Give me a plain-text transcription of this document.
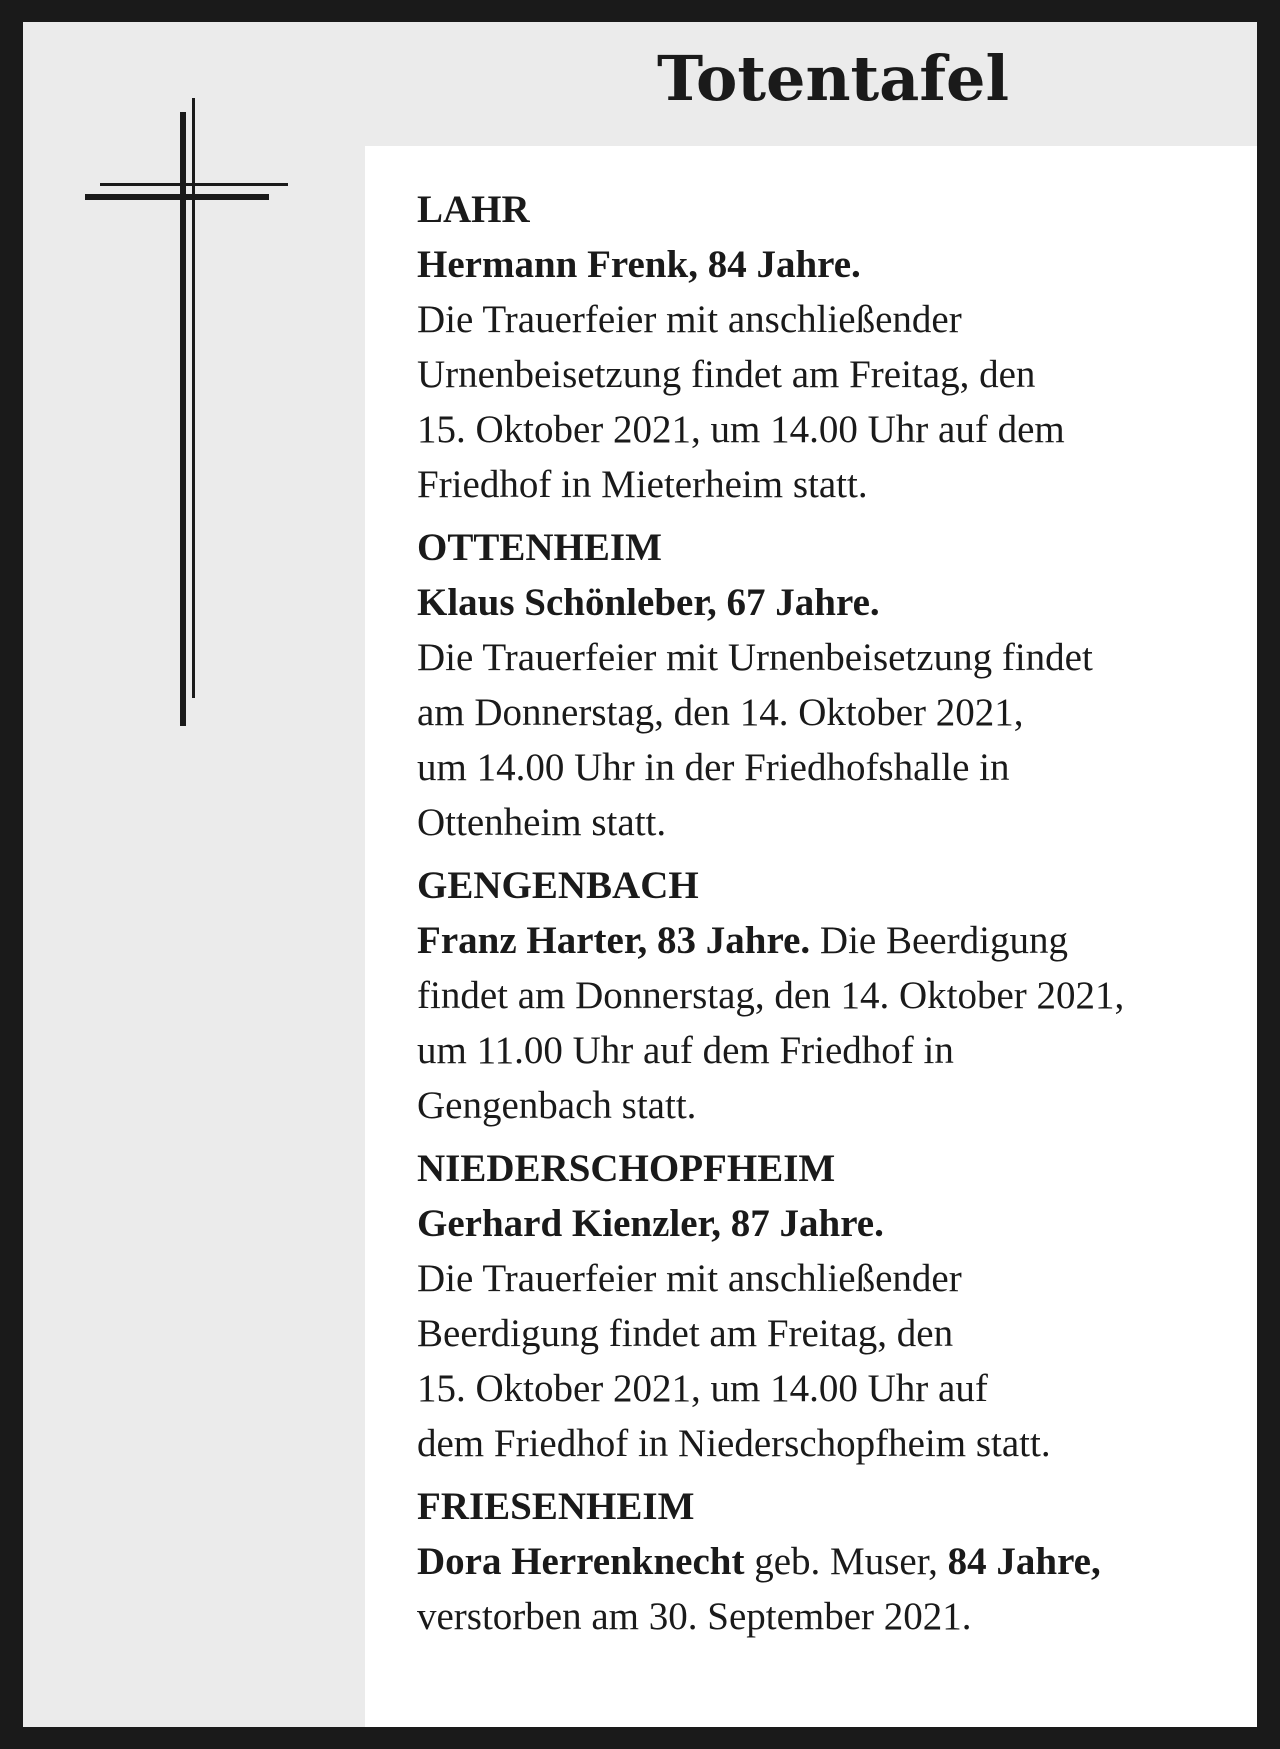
Totentafel
LAHR
Hermann Frenk, 84 Jahre.
Die Trauerfeier mit anschließender
Urnenbeisetzung findet am Freitag, den
15. Oktober 2021, um 14.00 Uhr auf dem
Friedhof in Mieterheim statt.
OTTENHEIM
Klaus Schönleber, 67 Jahre.
Die Trauerfeier mit Urnenbeisetzung findet
am Donnerstag, den 14. Oktober 2021,
um 14.00 Uhr in der Friedhofshalle in
Ottenheim statt.
GENGENBACH
Franz Harter, 83 Jahre. Die Beerdigung
findet am Donnerstag, den 14. Oktober 2021,
um 11.00 Uhr auf dem Friedhof in
Gengenbach statt.
NIEDERSCHOPFHEIM
Gerhard Kienzler, 87 Jahre.
Die Trauerfeier mit anschließender
Beerdigung findet am Freitag, den
15. Oktober 2021, um 14.00 Uhr auf
dem Friedhof in Niederschopfheim statt.
FRIESENHEIM
Dora Herrenknecht geb. Muser, 84 Jahre,
verstorben am 30. September 2021.
